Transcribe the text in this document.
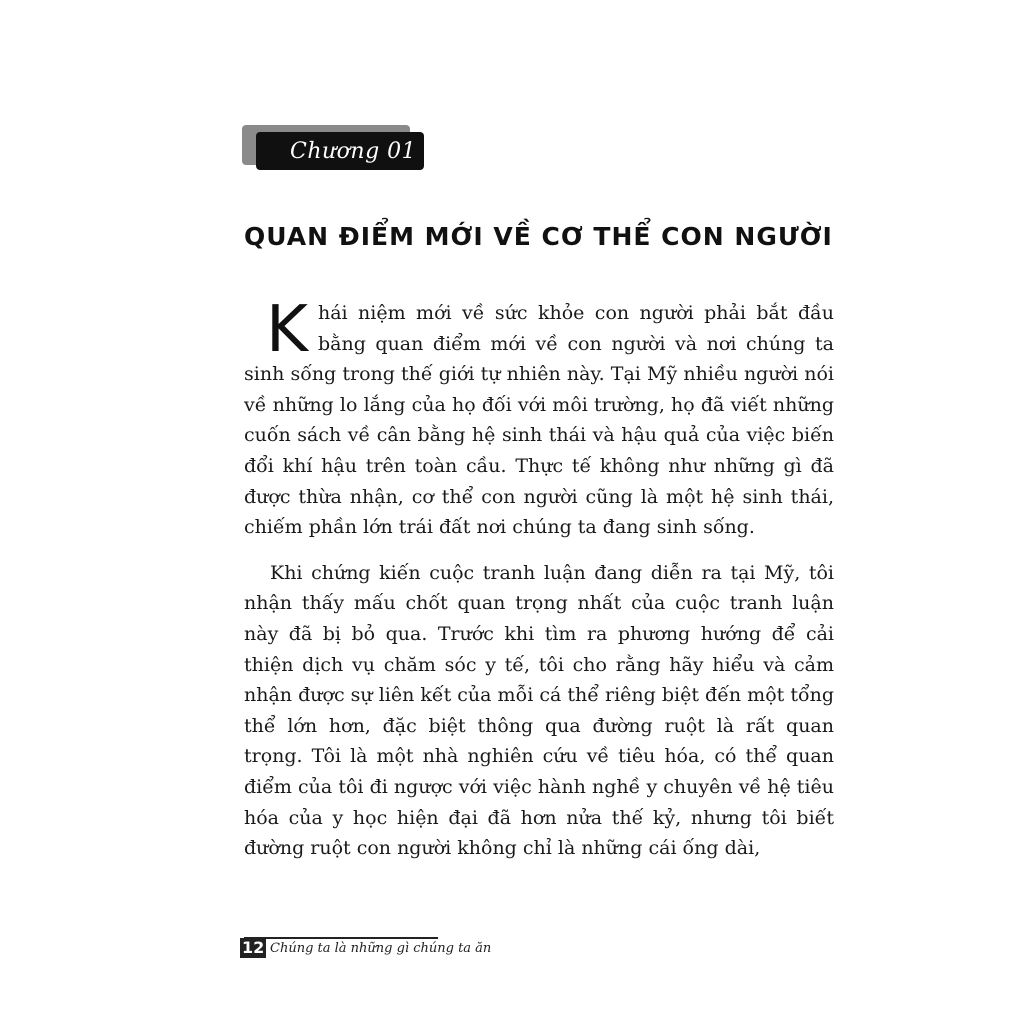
Chương 01
QUAN ĐIỂM MỚI VỀ CƠ THỂ CON NGƯỜI

Khái niệm mới về sức khỏe con người phải bắt đầu bằng quan điểm mới về con người và nơi chúng ta sinh sống trong thế giới tự nhiên này. Tại Mỹ nhiều người nói về những lo lắng của họ đối với môi trường, họ đã viết những cuốn sách về cân bằng hệ sinh thái và hậu quả của việc biến đổi khí hậu trên toàn cầu. Thực tế không như những gì đã được thừa nhận, cơ thể con người cũng là một hệ sinh thái, chiếm phần lớn trái đất nơi chúng ta đang sinh sống.

Khi chứng kiến cuộc tranh luận đang diễn ra tại Mỹ, tôi nhận thấy mấu chốt quan trọng nhất của cuộc tranh luận này đã bị bỏ qua. Trước khi tìm ra phương hướng để cải thiện dịch vụ chăm sóc y tế, tôi cho rằng hãy hiểu và cảm nhận được sự liên kết của mỗi cá thể riêng biệt đến một tổng thể lớn hơn, đặc biệt thông qua đường ruột là rất quan trọng. Tôi là một nhà nghiên cứu về tiêu hóa, có thể quan điểm của tôi đi ngược với việc hành nghề y chuyên về hệ tiêu hóa của y học hiện đại đã hơn nửa thế kỷ, nhưng tôi biết đường ruột con người không chỉ là những cái ống dài,

12 Chúng ta là những gì chúng ta ăn
